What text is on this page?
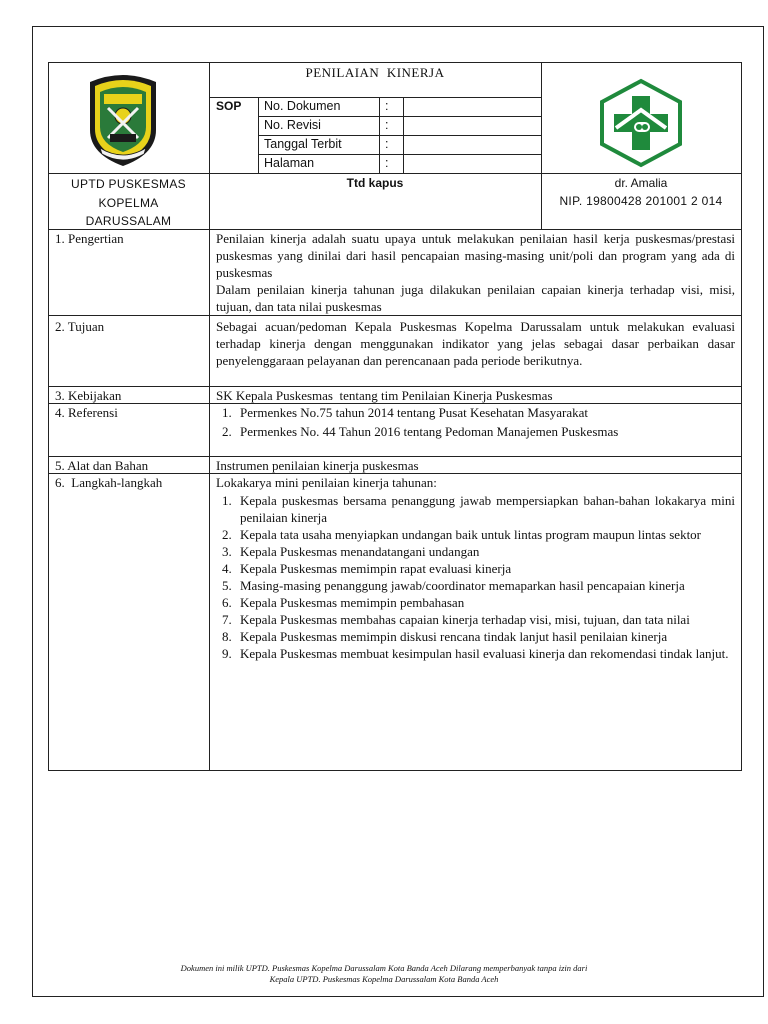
PENILAIAN  KINERJA
SOP No. Dokumen	:
No. Revisi	:
Tanggal Terbit	:
Halaman	:
UPTD PUSKESMAS
KOPELMA
DARUSSALAM
Ttd kapus	dr. Amalia
NIP. 19800428 201001 2 014
1. Pengertian	Penilaian kinerja adalah suatu upaya untuk melakukan penilaian hasil kerja puskesmas/prestasi puskesmas yang dinilai dari hasil pencapaian masing-masing unit/poli dan program yang ada di puskesmas
Dalam penilaian kinerja tahunan juga dilakukan penilaian capaian kinerja terhadap visi, misi, tujuan, dan tata nilai puskesmas
2. Tujuan	Sebagai acuan/pedoman Kepala Puskesmas Kopelma Darussalam untuk melakukan evaluasi terhadap kinerja dengan menggunakan indikator yang jelas sebagai dasar perbaikan dasar penyelenggaraan pelayanan dan perencanaan pada periode berikutnya.
3. Kebijakan	SK Kepala Puskesmas  tentang tim Penilaian Kinerja Puskesmas
4. Referensi	1. Permenkes No.75 tahun 2014 tentang Pusat Kesehatan Masyarakat
2. Permenkes No. 44 Tahun 2016 tentang Pedoman Manajemen Puskesmas
5. Alat dan Bahan	Instrumen penilaian kinerja puskesmas
6.  Langkah-langkah	Lokakarya mini penilaian kinerja tahunan:
1. Kepala puskesmas bersama penanggung jawab mempersiapkan bahan-bahan lokakarya mini penilaian kinerja
2. Kepala tata usaha menyiapkan undangan baik untuk lintas program maupun lintas sektor
3. Kepala Puskesmas menandatangani undangan
4. Kepala Puskesmas memimpin rapat evaluasi kinerja
5. Masing-masing penanggung jawab/coordinator memaparkan hasil pencapaian kinerja
6. Kepala Puskesmas memimpin pembahasan
7. Kepala Puskesmas membahas capaian kinerja terhadap visi, misi, tujuan, dan tata nilai
8. Kepala Puskesmas memimpin diskusi rencana tindak lanjut hasil penilaian kinerja
9. Kepala Puskesmas membuat kesimpulan hasil evaluasi kinerja dan rekomendasi tindak lanjut.
Dokumen ini milik UPTD. Puskesmas Kopelma Darussalam Kota Banda Aceh Dilarang memperbanyak tanpa izin dari
Kepala UPTD. Puskesmas Kopelma Darussalam Kota Banda Aceh
